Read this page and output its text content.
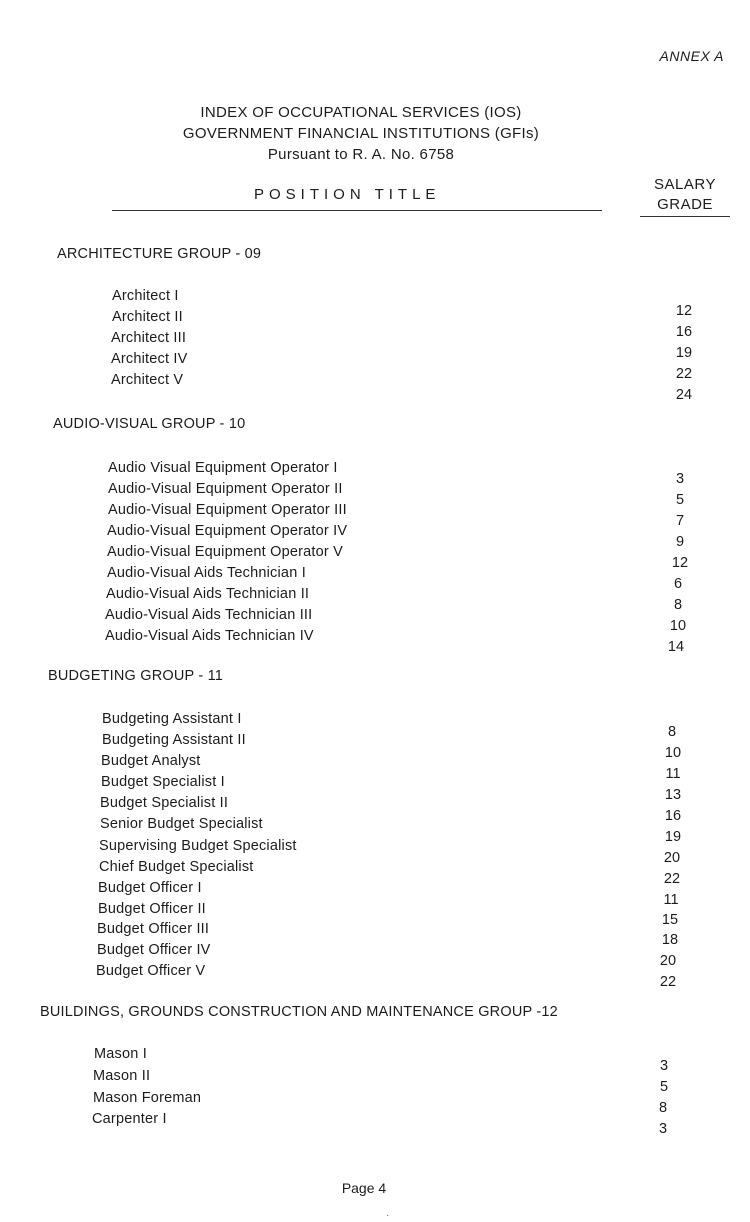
ANNEX A
INDEX OF OCCUPATIONAL SERVICES (IOS)
GOVERNMENT FINANCIAL INSTITUTIONS (GFIs)
Pursuant to R. A. No. 6758
POSITION TITLE
SALARY
GRADE
ARCHITECTURE GROUP - 09
Architect I
Architect II
Architect III
Architect IV
Architect V
12
16
19
22
24
AUDIO-VISUAL GROUP - 10
Audio Visual Equipment Operator I
Audio-Visual Equipment Operator II
Audio-Visual Equipment Operator III
Audio-Visual Equipment Operator IV
Audio-Visual Equipment Operator V
Audio-Visual Aids Technician I
Audio-Visual Aids Technician II
Audio-Visual Aids Technician III
Audio-Visual Aids Technician IV
3
5
7
9
12
6
8
10
14
BUDGETING GROUP - 11
Budgeting Assistant I
Budgeting Assistant II
Budget Analyst
Budget Specialist I
Budget Specialist II
Senior Budget Specialist
Supervising Budget Specialist
Chief Budget Specialist
Budget Officer I
Budget Officer II
Budget Officer III
Budget Officer IV
Budget Officer V
8
10
11
13
16
19
20
22
11
15
18
20
22
BUILDINGS, GROUNDS CONSTRUCTION AND MAINTENANCE GROUP -12
Mason I
Mason II
Mason Foreman
Carpenter I
3
5
8
3
Page 4
·
